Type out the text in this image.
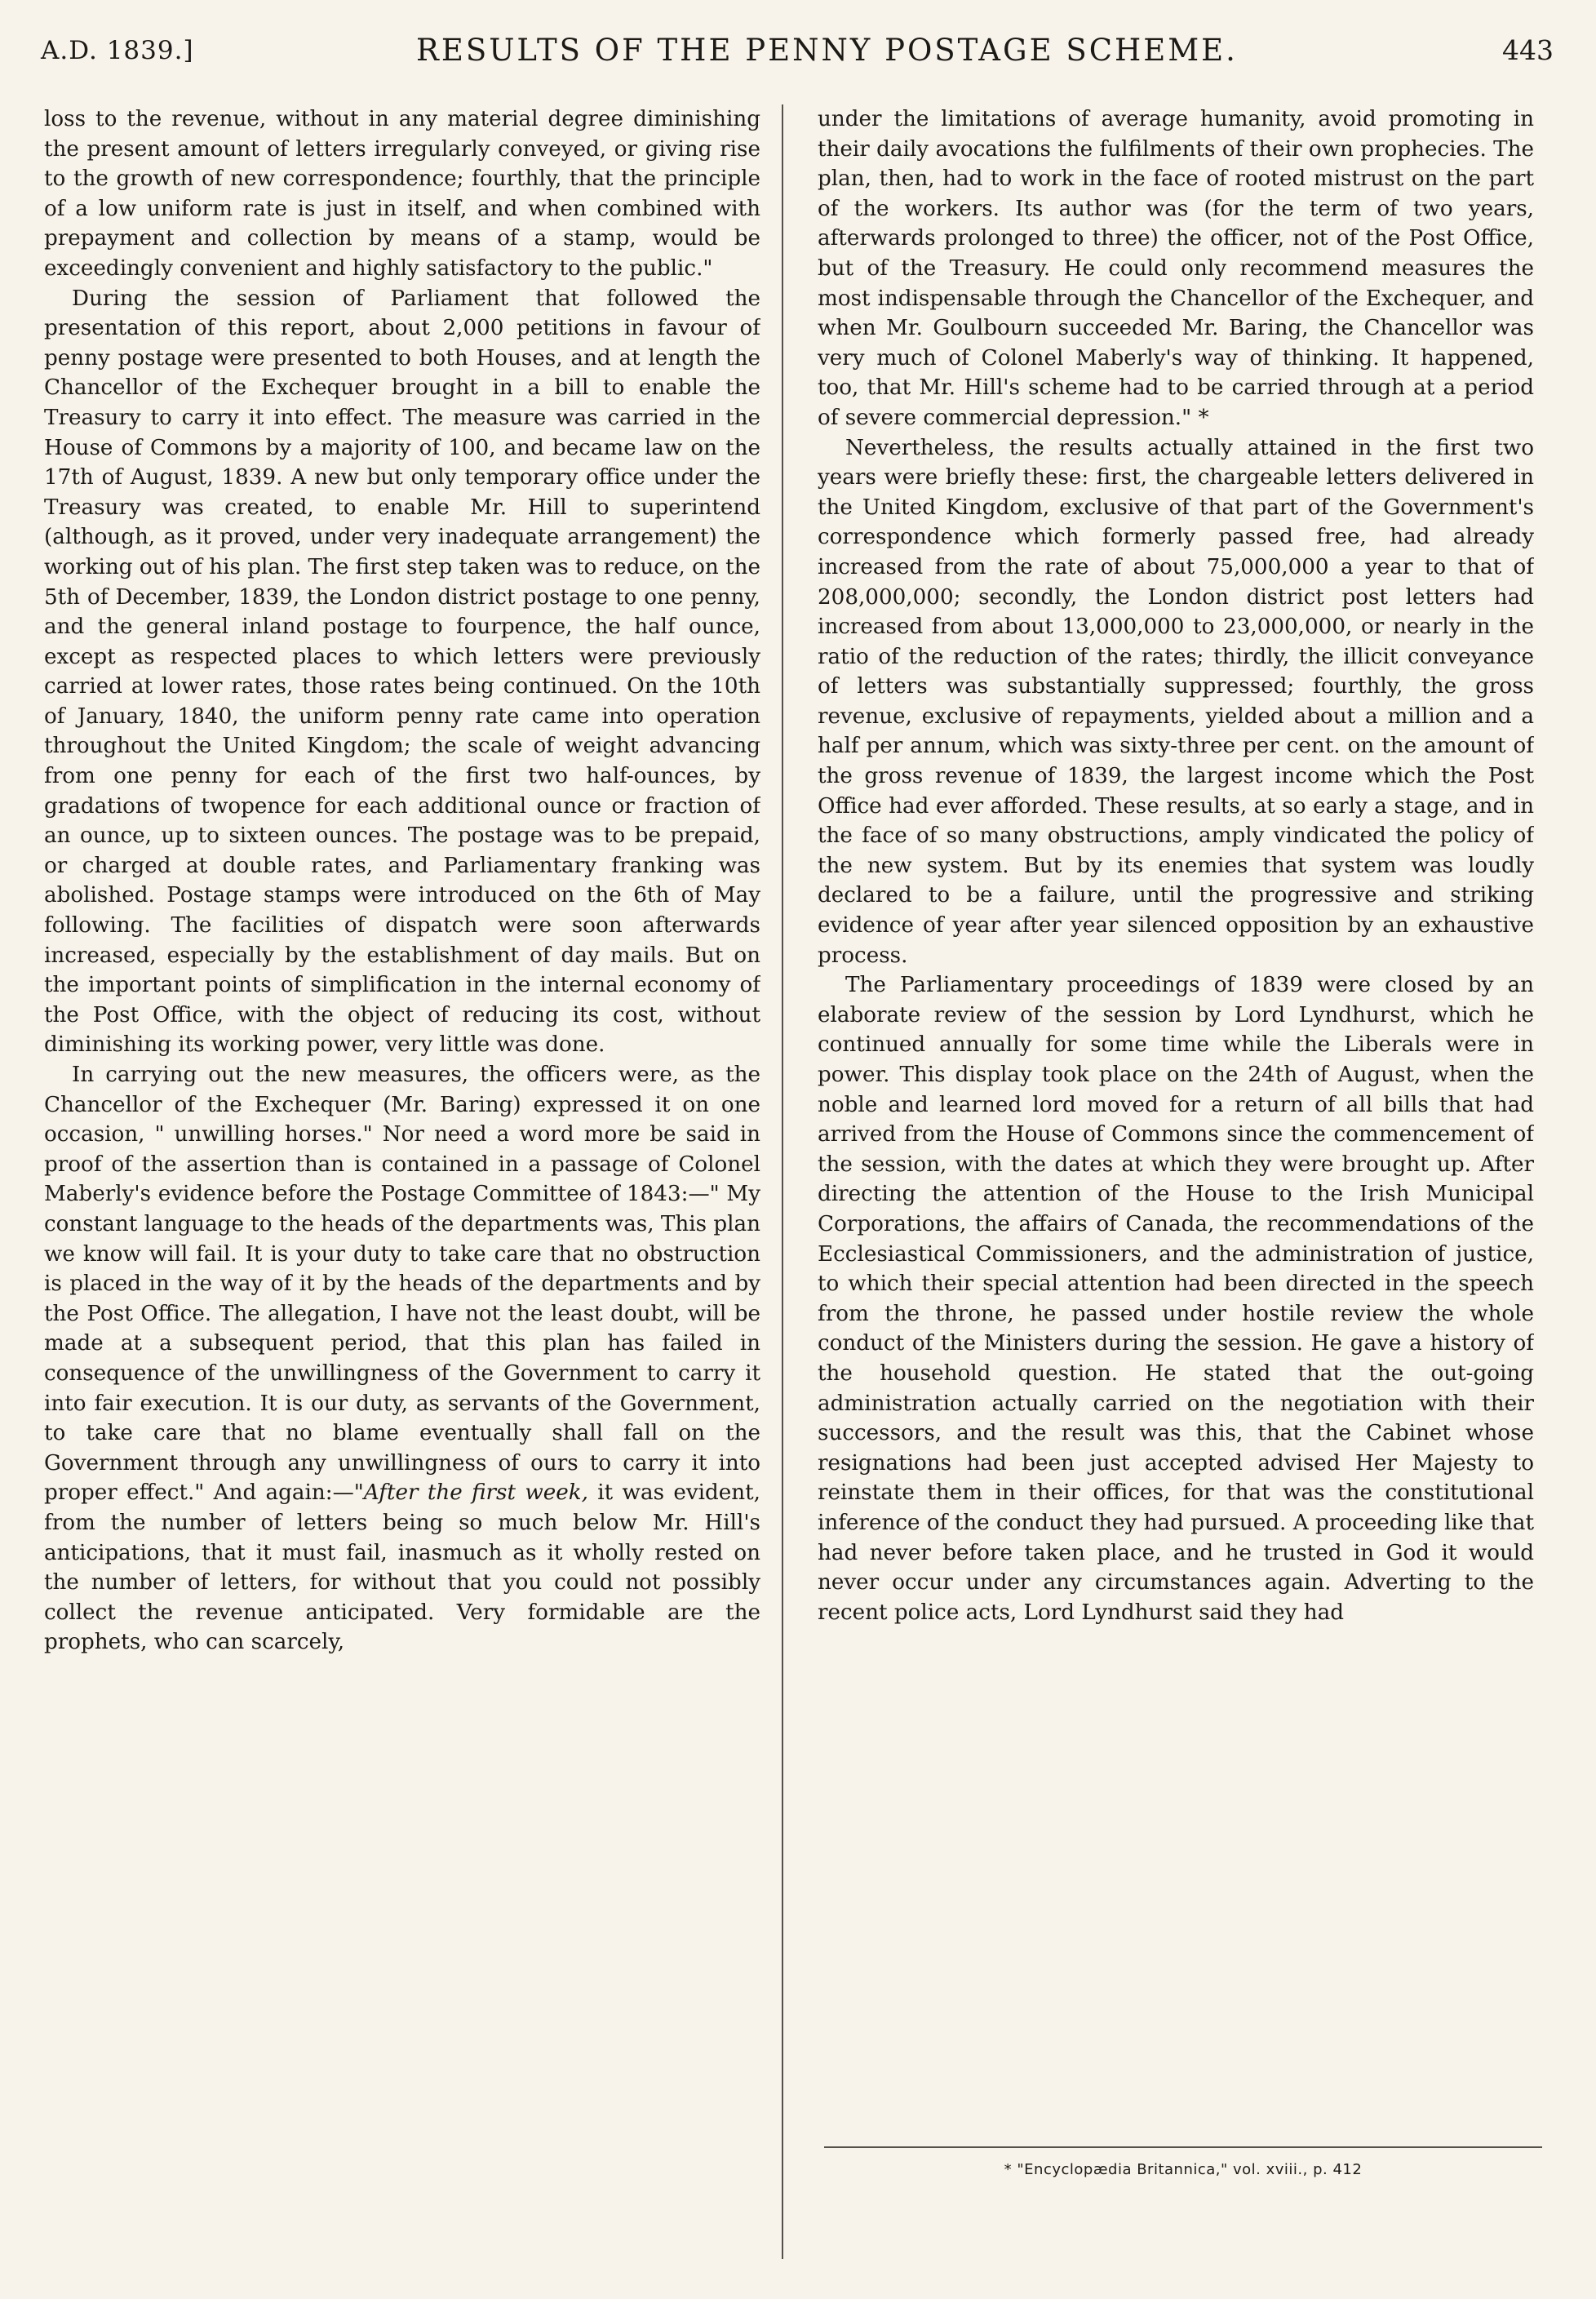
A.D. 1839.]	RESULTS OF THE PENNY POSTAGE SCHEME.	443

loss to the revenue, without in any material degree diminishing the present amount of letters irregularly conveyed, or giving rise to the growth of new correspondence; fourthly, that the principle of a low uniform rate is just in itself, and when combined with prepayment and collection by means of a stamp, would be exceedingly convenient and highly satisfactory to the public."

During the session of Parliament that followed the presentation of this report, about 2,000 petitions in favour of penny postage were presented to both Houses, and at length the Chancellor of the Exchequer brought in a bill to enable the Treasury to carry it into effect. The measure was carried in the House of Commons by a majority of 100, and became law on the 17th of August, 1839. A new but only temporary office under the Treasury was created, to enable Mr. Hill to superintend (although, as it proved, under very inadequate arrangement) the working out of his plan. The first step taken was to reduce, on the 5th of December, 1839, the London district postage to one penny, and the general inland postage to fourpence, the half ounce, except as respected places to which letters were previously carried at lower rates, those rates being continued. On the 10th of January, 1840, the uniform penny rate came into operation throughout the United Kingdom; the scale of weight advancing from one penny for each of the first two half-ounces, by gradations of twopence for each additional ounce or fraction of an ounce, up to sixteen ounces. The postage was to be prepaid, or charged at double rates, and Parliamentary franking was abolished. Postage stamps were introduced on the 6th of May following. The facilities of dispatch were soon afterwards increased, especially by the establishment of day mails. But on the important points of simplification in the internal economy of the Post Office, with the object of reducing its cost, without diminishing its working power, very little was done.

In carrying out the new measures, the officers were, as the Chancellor of the Exchequer (Mr. Baring) expressed it on one occasion, " unwilling horses." Nor need a word more be said in proof of the assertion than is contained in a passage of Colonel Maberly's evidence before the Postage Committee of 1843:—" My constant language to the heads of the departments was, This plan we know will fail. It is your duty to take care that no obstruction is placed in the way of it by the heads of the departments and by the Post Office. The allegation, I have not the least doubt, will be made at a subsequent period, that this plan has failed in consequence of the unwillingness of the Government to carry it into fair execution. It is our duty, as servants of the Government, to take care that no blame eventually shall fall on the Government through any unwillingness of ours to carry it into proper effect." And again:—"After the first week, it was evident, from the number of letters being so much below Mr. Hill's anticipations, that it must fail, inasmuch as it wholly rested on the number of letters, for without that you could not possibly collect the revenue anticipated. Very formidable are the prophets, who can scarcely,

under the limitations of average humanity, avoid promoting in their daily avocations the fulfilments of their own prophecies. The plan, then, had to work in the face of rooted mistrust on the part of the workers. Its author was (for the term of two years, afterwards prolonged to three) the officer, not of the Post Office, but of the Treasury. He could only recommend measures the most indispensable through the Chancellor of the Exchequer, and when Mr. Goulbourn succeeded Mr. Baring, the Chancellor was very much of Colonel Maberly's way of thinking. It happened, too, that Mr. Hill's scheme had to be carried through at a period of severe commercial depression." *

Nevertheless, the results actually attained in the first two years were briefly these: first, the chargeable letters delivered in the United Kingdom, exclusive of that part of the Government's correspondence which formerly passed free, had already increased from the rate of about 75,000,000 a year to that of 208,000,000; secondly, the London district post letters had increased from about 13,000,000 to 23,000,000, or nearly in the ratio of the reduction of the rates; thirdly, the illicit conveyance of letters was substantially suppressed; fourthly, the gross revenue, exclusive of repayments, yielded about a million and a half per annum, which was sixty-three per cent. on the amount of the gross revenue of 1839, the largest income which the Post Office had ever afforded. These results, at so early a stage, and in the face of so many obstructions, amply vindicated the policy of the new system. But by its enemies that system was loudly declared to be a failure, until the progressive and striking evidence of year after year silenced opposition by an exhaustive process.

The Parliamentary proceedings of 1839 were closed by an elaborate review of the session by Lord Lyndhurst, which he continued annually for some time while the Liberals were in power. This display took place on the 24th of August, when the noble and learned lord moved for a return of all bills that had arrived from the House of Commons since the commencement of the session, with the dates at which they were brought up. After directing the attention of the House to the Irish Municipal Corporations, the affairs of Canada, the recommendations of the Ecclesiastical Commissioners, and the administration of justice, to which their special attention had been directed in the speech from the throne, he passed under hostile review the whole conduct of the Ministers during the session. He gave a history of the household question. He stated that the out-going administration actually carried on the negotiation with their successors, and the result was this, that the Cabinet whose resignations had been just accepted advised Her Majesty to reinstate them in their offices, for that was the constitutional inference of the conduct they had pursued. A proceeding like that had never before taken place, and he trusted in God it would never occur under any circumstances again. Adverting to the recent police acts, Lord Lyndhurst said they had

* "Encyclopædia Britannica," vol. xviii., p. 412
